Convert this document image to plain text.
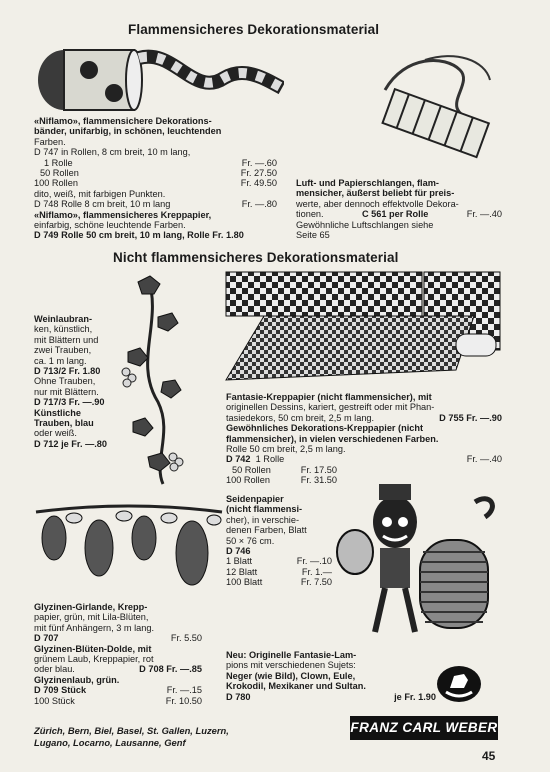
Flammensicheres Dekorationsmaterial
«Niflamo», flammensichere Dekorations-
bänder, unifarbig, in schönen, leuchtenden
Farben.
D 747 in Rollen, 8 cm breit, 10 m lang,
1 Rolle	Fr. —.60
50 Rollen	Fr. 27.50
100 Rollen	Fr. 49.50
dito, weiß, mit farbigen Punkten.
D 748 Rolle 8 cm breit, 10 m lang	Fr. —.80
«Niflamo», flammensicheres Kreppapier,
einfarbig, schöne leuchtende Farben.
D 749 Rolle 50 cm breit, 10 m lang, Rolle Fr. 1.80
Luft- und Papierschlangen, flam-
mensicher, äußerst beliebt für preis-
werte, aber dennoch effektvolle Dekora-
tionen.	C 561 per Rolle	Fr. —.40
Gewöhnliche Luftschlangen siehe
Seite 65
Nicht flammensicheres Dekorationsmaterial
Weinlaubran-
ken, künstlich,
mit Blättern und
zwei Trauben,
ca. 1 m lang.
D 713/2 Fr. 1.80
Ohne Trauben,
nur mit Blättern.
D 717/3 Fr. —.90
Künstliche
Trauben, blau
oder weiß.
D 712 je Fr. —.80
Fantasie-Kreppapier (nicht flammensicher), mit
originellen Dessins, kariert, gestreift oder mit Phan-
tasiedekors, 50 cm breit, 2,5 m lang.	D 755 Fr. —.90
Gewöhnliches Dekorations-Kreppapier (nicht
flammensicher), in vielen verschiedenen Farben.
Rolle 50 cm breit, 2,5 m lang.
D 742 1 Rolle	Fr. —.40
50 Rollen	Fr. 17.50
100 Rollen	Fr. 31.50
Seidenpapier
(nicht flammensi-
cher), in verschie-
denen Farben, Blatt
50 × 76 cm.
D 746
1 Blatt	Fr. —.10
12 Blatt	Fr. 1.—
100 Blatt	Fr. 7.50
Glyzinen-Girlande, Krepp-
papier, grün, mit Lila-Blüten,
mit fünf Anhängern, 3 m lang.
D 707	Fr. 5.50
Glyzinen-Blüten-Dolde, mit
grünem Laub, Kreppapier, rot
oder blau.	D 708 Fr. —.85
Glyzinenlaub, grün.
D 709 Stück	Fr. —.15
100 Stück	Fr. 10.50
Neu: Originelle Fantasie-Lam-
pions mit verschiedenen Sujets:
Neger (wie Bild), Clown, Eule,
Krokodil, Mexikaner und Sultan.
D 780	je Fr. 1.90
FRANZ CARL WEBER
Zürich, Bern, Biel, Basel, St. Gallen, Luzern,
Lugano, Locarno, Lausanne, Genf
45
